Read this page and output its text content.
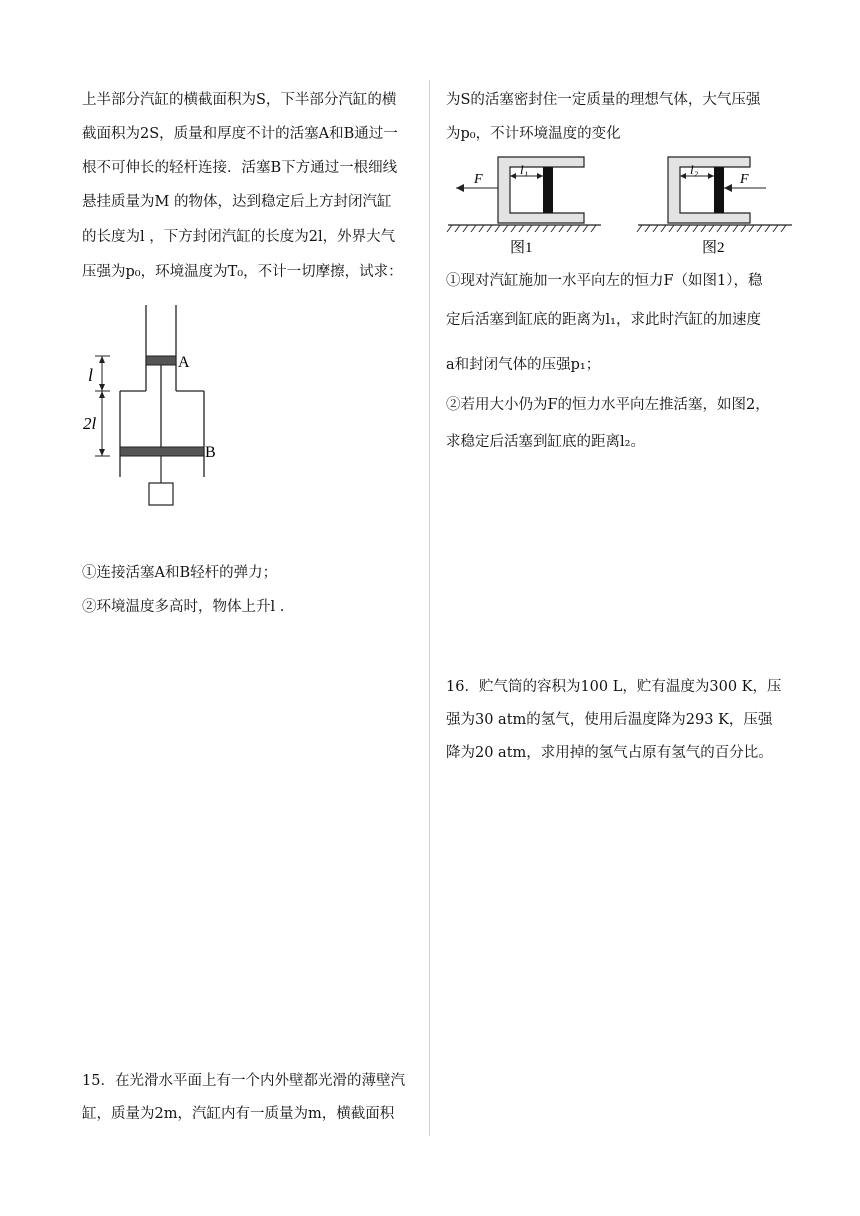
上半部分汽缸的横截面积为S，下半部分汽缸的横
截面积为2S，质量和厚度不计的活塞A和B通过一
根不可伸长的轻杆连接．活塞B下方通过一根细线
悬挂质量为M 的物体，达到稳定后上方封闭汽缸
的长度为l ，下方封闭汽缸的长度为2l，外界大气
压强为p₀，环境温度为T₀，不计一切摩擦，试求：
A
B
l
2l
①连接活塞A和B轻杆的弹力；
②环境温度多高时，物体上升l .
15．在光滑水平面上有一个内外壁都光滑的薄壁汽
缸，质量为2m，汽缸内有一质量为m，横截面积
为S的活塞密封住一定质量的理想气体，大气压强
为p₀，不计环境温度的变化
F
l₁
图1
F
l₂
图2
①现对汽缸施加一水平向左的恒力F（如图1），稳
定后活塞到缸底的距离为l₁，求此时汽缸的加速度
a和封闭气体的压强p₁；
②若用大小仍为F的恒力水平向左推活塞，如图2，
求稳定后活塞到缸底的距离l₂。
16．贮气筒的容积为100 L，贮有温度为300 K，压
强为30 atm的氢气，使用后温度降为293 K，压强
降为20 atm，求用掉的氢气占原有氢气的百分比。
